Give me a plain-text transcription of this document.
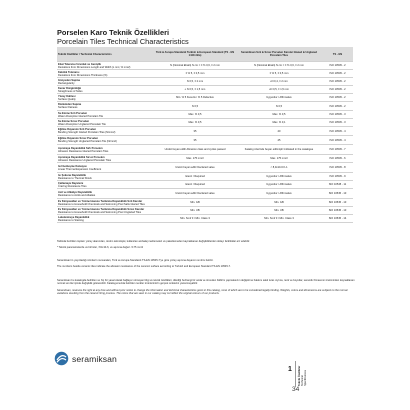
Porselen Karo Teknik Özellikleri
Porcelain Tiles Technical Characteristics
Teknik Özellikler / Technical Characteristics	Türk & Avrupa Standardı Turkish & European Standard (TS - EN 14411 BIa)
Seramiksan Sırlı & Sırsız Porselen Karolar Glazed & Unglazed Porcelain Tiles	TS - EN
Ebat Toleransı Uzunluk ve Genişlik
Deviations from Dimensions Length and Width (L mm; % mm2)	N (Nominal Ebatlı) N cm = ± % 0,6, ± 2 mm	N (Nominal Ebatlı) N cm = ± % 0,6, ± 2 mm	ISO 10545 - 2
Kalınlık Toleransı
Deviations from Dimensions Thickness (%)	± % 5, ± 0,5 mm	± % 5, ± 0,5 mm	ISO 10545 - 2
Gönyeden Sapma
Rectangularity	N 0,5, ± 2 mm	≤N 0,4, ± 2 mm	ISO 10545 - 2
Kenar Düzgünlüğü
Straightness of Sides	≤ N 0,5, ± 1,5 mm	≤N 0,5, ± 1,5 mm	ISO 10545 - 2
Yüzey Kalitesi
Surface Quality	Min. % 5 Kusurlu / % 5 Defective	Uygundur / Affirmative	ISO 10545 - 2
Düzlemden Sapma
Surface Flatness	N 0,5	N 0,5	ISO 10545 - 2
Su Emme Sırlı Porselen
Water Absorption Glazed Porcelain Tile	Max. % 0,5	Max. % 0,5	ISO 10545 - 3
Su Emme Sırsız Porselen
Water Absorption Unglazed Porcelain Tile	Max. % 0,5	Max. % 0,1	ISO 10545 - 3
Eğilme Dayanımı Sırlı Porselen
Bending Strength Glazed Porcelain Tiles (N/mm2)	35	40	ISO 10545 - 4
Eğilme Dayanımı Sırsız Porselen
Bending Strength Unglazed Porcelain Tile (N/mm2)	35	45	ISO 10545 - 4
Aşınmaya Dayanıklılık Sırlı Porselen
Abrasion Resistance Glazed Porcelain Tiles	Üretici beyan edilir Abrasion class and cycles passed	Katalog üzerinde beyan edilmiştir Indicated in the catalogue	ISO 10545 - 7
Aşınmaya Dayanıklılık Sırsız Porselen
Abrasion Resistance Unglazed Porcelain Tiles	Max. 175 mm3	Max. 175 mm3	ISO 10545 - 6
Isıl Genleşme Katsayısı
Linear Thermal Expansion Coefficient	Üretici beyan edilir Declared value	< 8,0x10-6 K-1	ISO 10545 - 8
Isı Şokuna Dayanıklılık
Resistance to Thermal Shock	İstenir / Required	Uygundur / Affirmative	ISO 10545 - 9
Çatlamaya Dayanımı
Crazing Resistance Tiles	İstenir / Required	Uygundur / Affirmative	ISO 10545 - 11
Asit ve Alkaliye Dayanıklılık
Resistance to Acids and Alkalies	Üretici beyan edilir Declared value	Uygundur / Affirmative	ISO 10545 - 13
Ev Kimyasalları ve Yüzme Havuzu Tuzlarına Dayanıklılık Sırlı Karolar
Resistance to Household Chemicals and Swimming Pool Salts Glazed Tiles	Min. GB	Min. GB	ISO 10545 - 13
Ev Kimyasalları ve Yüzme Havuzu Tuzlarına Dayanıklılık Sırsız Karolar
Resistance to Household Chemicals and Swimming Pool Unglazed Tiles	Min. UB	Min. UB	ISO 10545 - 13
Lekelenmeye Dayanıklılık
Resistance to Staining	Min. Sınıf 3 / Min. Class 3	Min. Sınıf 3 / Min. Class 3	ISO 10545 - 14

Tabloda belirtilen toplam yüzey alanından, üretim teknolojisi, kullanılan ambalaj malzemeleri ve paketlemeden kaynaklanan değişikliklerden dolayı farklılıklar arz edebilir.

* Teknik parametrelerde ve birimler, ±%x10-6, ve aşınma değeri <175 mm3

Seramiksan'ın yayınladığı ürünlerin numaraları, Türk ve Avrupa Standardı TS-EN 10545-7'ye göre yüzey aşınma dayanım sınıfını belirtir.

The numbers beside ceramic tiles indicate the abrasion resistance of the ceramic surface according to Turkish and European Standard TS-EN 10545-7.

Seramiksan bu katalogda belirtilen ve hiç bir yasal olarak bağlayıcı olmayan bilgi ve teknik özellikleri, dilediği herhangi bir anda ve önceden bildirim yapmaksızın değiştirme hakkını saklı tutar. Ayrıca, renk ve boyutlar, seramik firmasının üretiminden kaynaklanan normal sınırlar içinde değişiklik gösterebilir. Katalogumuzda belirtilen renkler ürünlerimizin gerçek renklerini yansıtmayabilir.

Seramiksan, reserves the right at any time and without prior notice to change the information and technical characteristics given in this catalog, none of which are to be considered legally binding. Weights, colors and dimensions are subjects to the normal variations resulting from the ceramic firing process. The colors that are seen in our catalog may not reflect the original colours of our products.

seramiksan
1 Teknik Özellikler Technical Specifications
34
